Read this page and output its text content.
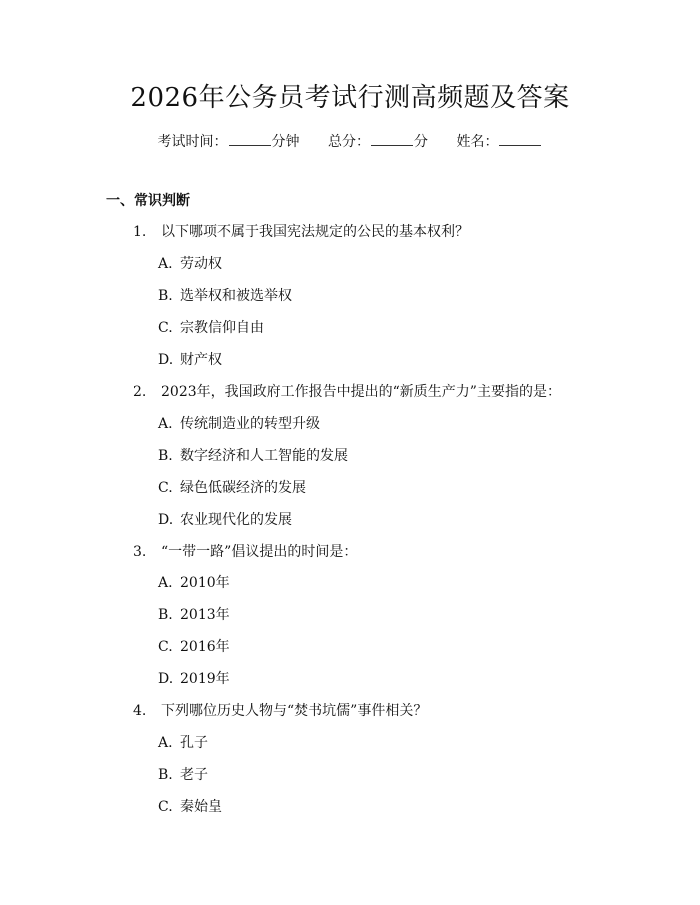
2026年公务员考试行测高频题及答案
考试时间：	分钟 总分：	分 姓名：
一、常识判断
1. 以下哪项不属于我国宪法规定的公民的基本权利？
A. 劳动权
B. 选举权和被选举权
C. 宗教信仰自由
D. 财产权
2. 2023年，我国政府工作报告中提出的“新质生产力”主要指的是：
A. 传统制造业的转型升级
B. 数字经济和人工智能的发展
C. 绿色低碳经济的发展
D. 农业现代化的发展
3. “一带一路”倡议提出的时间是：
A. 2010年
B. 2013年
C. 2016年
D. 2019年
4. 下列哪位历史人物与“焚书坑儒”事件相关？
A. 孔子
B. 老子
C. 秦始皇
